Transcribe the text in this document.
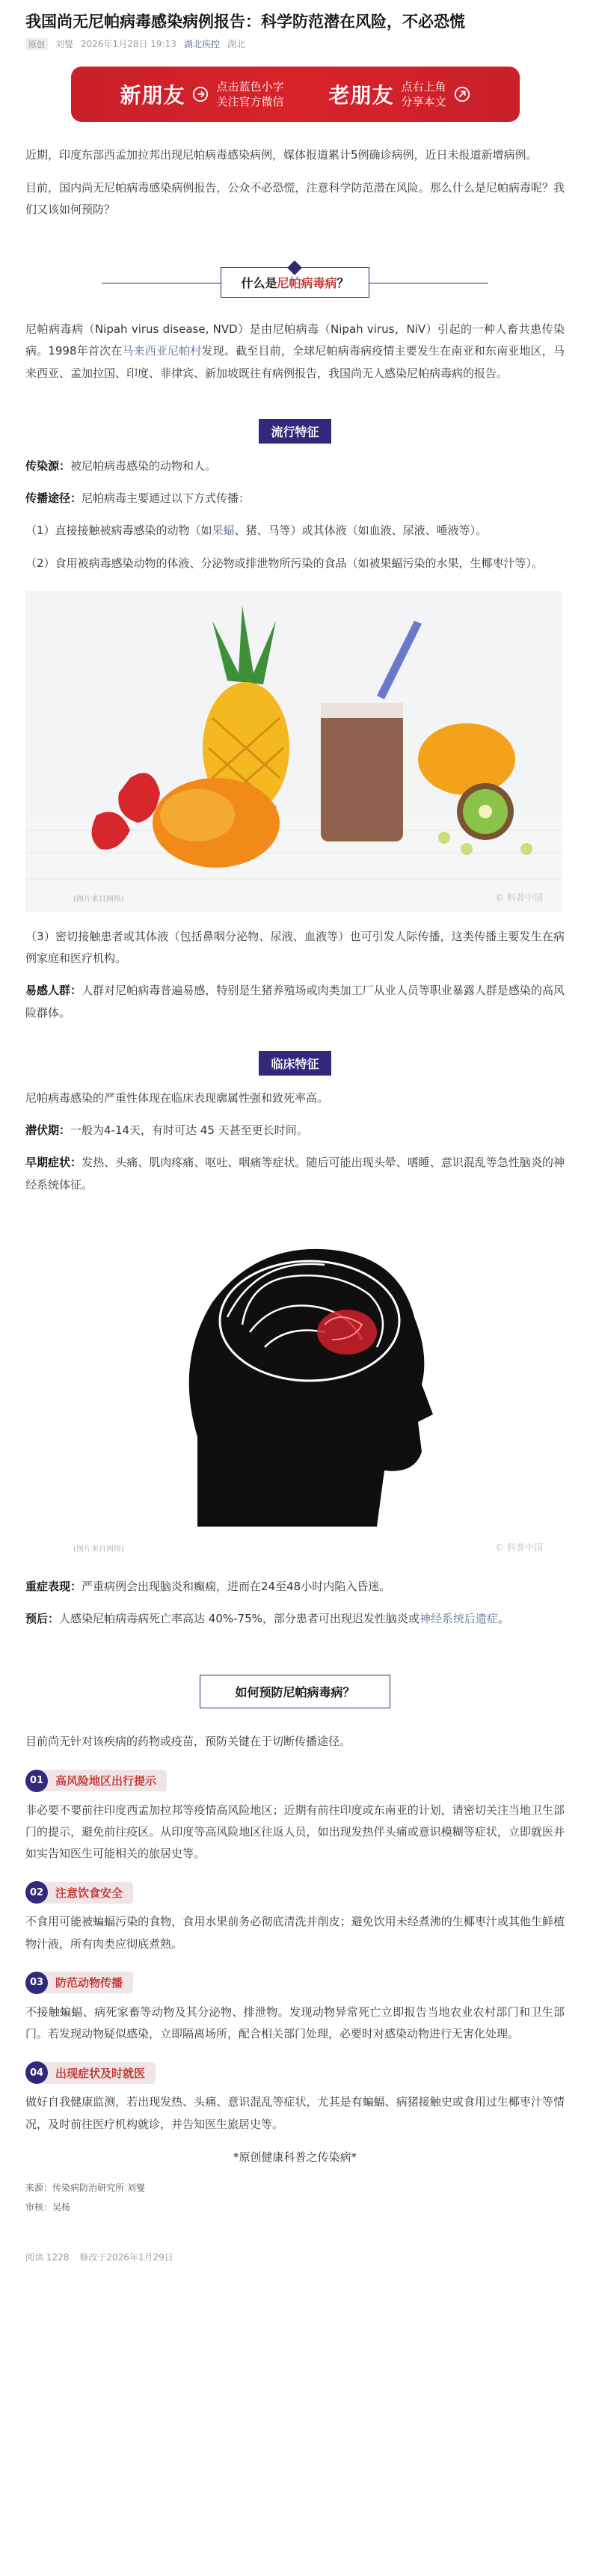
我国尚无尼帕病毒感染病例报告：科学防范潜在风险，不必恐慌
原创	刘燮 2026年1月28日 19:13 湖北疾控 湖北
新朋友	点击蓝色小字
关注官方微信 老朋友 点右上角
分享本文

近期，印度东部西孟加拉邦出现尼帕病毒感染病例，媒体报道累计5例确诊病例，近日未报道新增病例。

目前，国内尚无尼帕病毒感染病例报告，公众不必恐慌，注意科学防范潜在风险。那么什么是尼帕病毒呢？我们又该如何预防？

什么是尼帕病毒病？

尼帕病毒病（Nipah virus disease, NVD）是由尼帕病毒（Nipah virus，NiV）引起的一种人畜共患传染病。1998年首次在马来西亚尼帕村发现。截至目前，全球尼帕病毒病疫情主要发生在南亚和东南亚地区，马来西亚、孟加拉国、印度、菲律宾、新加坡既往有病例报告，我国尚无人感染尼帕病毒病的报告。

流行特征

传染源：被尼帕病毒感染的动物和人。

传播途径：尼帕病毒主要通过以下方式传播：

（1）直接接触被病毒感染的动物（如果蝠、猪、马等）或其体液（如血液、尿液、唾液等）。

（2）食用被病毒感染动物的体液、分泌物或排泄物所污染的食品（如被果蝠污染的水果，生椰枣汁等）。

(图片来自网络)	© 科普中国

（3）密切接触患者或其体液（包括鼻咽分泌物、尿液、血液等）也可引发人际传播，这类传播主要发生在病例家庭和医疗机构。

易感人群：人群对尼帕病毒普遍易感，特别是生猪养殖场或肉类加工厂从业人员等职业暴露人群是感染的高风险群体。

临床特征

尼帕病毒感染的严重性体现在临床表现廓属性强和致死率高。

潜伏期：一般为4-14天，有时可达 45 天甚至更长时间。

早期症状：发热、头痛、肌肉疼痛、呕吐、咽痛等症状。随后可能出现头晕、嗜睡、意识混乱等急性脑炎的神经系统体征。

(图片来自网络)	© 科普中国

重症表现：严重病例会出现脑炎和癫痫，进而在24至48小时内陷入昏迷。

预后：人感染尼帕病毒病死亡率高达 40%-75%，部分患者可出现迟发性脑炎或神经系统后遗症。

如何预防尼帕病毒病？

目前尚无针对该疾病的药物或疫苗，预防关键在于切断传播途径。

01	高风险地区出行提示

非必要不要前往印度西孟加拉邦等疫情高风险地区；近期有前往印度或东南亚的计划，请密切关注当地卫生部门的提示，避免前往疫区。从印度等高风险地区往返人员，如出现发热伴头痛或意识模糊等症状，立即就医并如实告知医生可能相关的旅居史等。

02	注意饮食安全

不食用可能被蝙蝠污染的食物，食用水果前务必彻底清洗并削皮；避免饮用未经煮沸的生椰枣汁或其他生鲜植物汁液，所有肉类应彻底煮熟。

03	防范动物传播

不接触蝙蝠、病死家畜等动物及其分泌物、排泄物。发现动物异常死亡立即报告当地农业农村部门和卫生部门。若发现动物疑似感染，立即隔离场所，配合相关部门处理，必要时对感染动物进行无害化处理。

04	出现症状及时就医

做好自我健康监测，若出现发热、头痛、意识混乱等症状，尤其是有蝙蝠、病猪接触史或食用过生椰枣汁等情况，及时前往医疗机构就诊，并告知医生旅居史等。

*原创健康科普之传染病*
来源：传染病防治研究所 刘燮
审核：吴杨
阅读 1228 修改于2026年1月29日
